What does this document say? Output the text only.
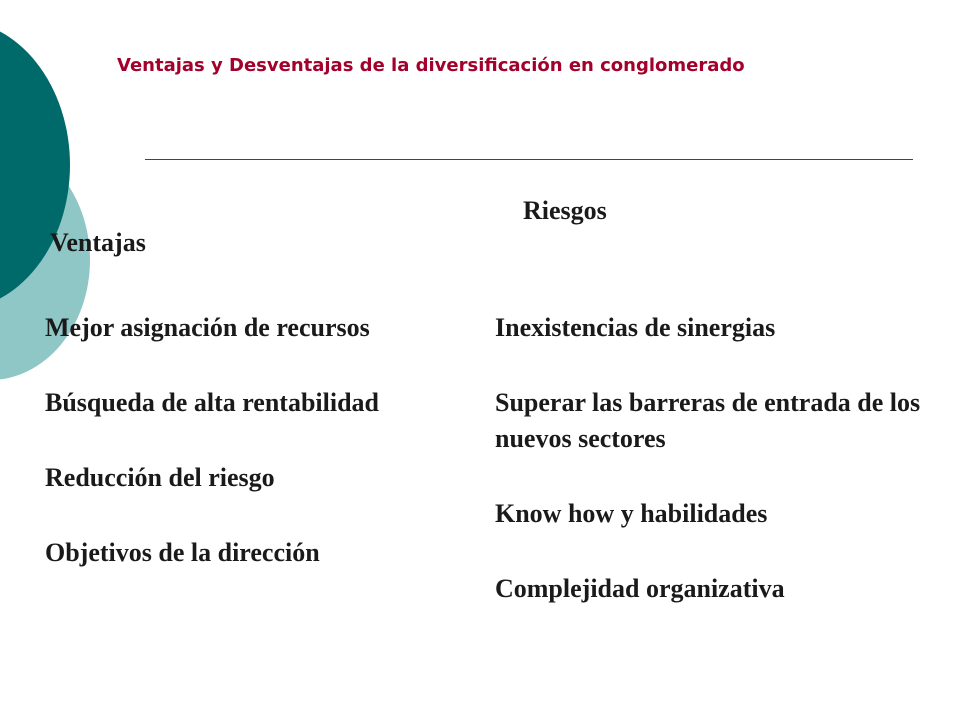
Ventajas y Desventajas de la diversificación en conglomerado
Riesgos
Ventajas
Mejor asignación de recursos
Búsqueda de alta rentabilidad
Reducción del riesgo
Objetivos de la dirección
Inexistencias de sinergias
Superar las barreras de entrada de los nuevos sectores
Know how y habilidades
Complejidad organizativa
